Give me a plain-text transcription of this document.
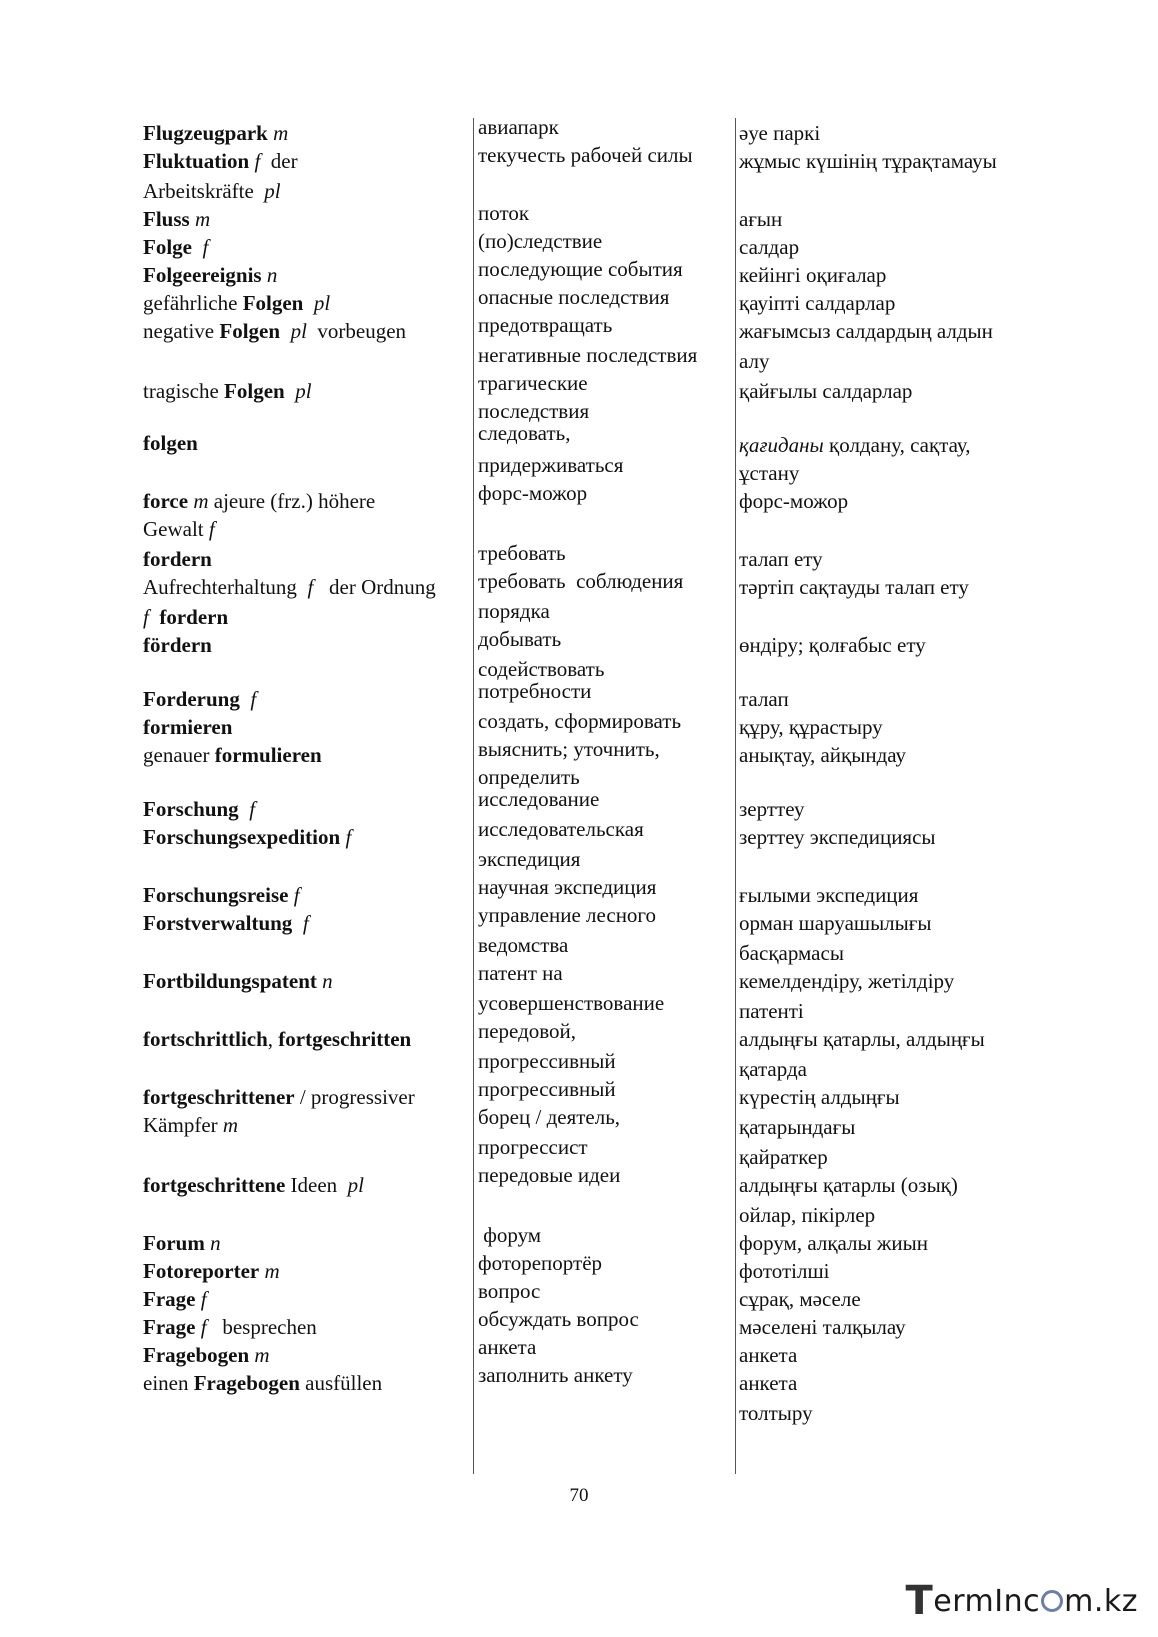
Flugzeugpark m
Fluktuation f  der
Arbeitskräfte  pl
Fluss m
Folge f
Folgeereignis n
gefährliche Folgen pl
negative Folgen pl  vorbeugen
tragische Folgen pl
folgen
force m ajeure (frz.) höhere
Gewalt f
fordern
Aufrechterhaltung  f   der Ordnung
f fordern
fördern
Forderung f
formieren
genauer formulieren
Forschung f
Forschungsexpedition f
Forschungsreise f
Forstverwaltung f
Fortbildungspatent n
fortschrittlich, fortgeschritten
fortgeschrittener / progressiver
Kämpfer m
fortgeschrittene Ideen  pl
Forum n
Fotoreporter m
Frage f
Frage f   besprechen
Fragebogen m
einen Fragebogen ausfüllen
авиапарк
текучесть рабочей силы
поток
(по)следствие
последующие события
опасные последствия
предотвращать
негативные последствия
трагические
последствия
следовать,
придерживаться
форс-можор
требовать
требовать  соблюдения
порядка
добывать
содействовать
потребности
создать, сформировать
выяснить; уточнить,
определить
исследование
исследовательская
экспедиция
научная экспедиция
управление лесного
ведомства
патент на
усовершенствование
передовой,
прогрессивный
прогрессивный
борец / деятель,
прогрессист
передовые идеи
форум
фоторепортёр
вопрос
обсуждать вопрос
анкета
заполнить анкету
әуе паркі
жұмыс күшінің тұрақтамауы
ағын
салдар
кейінгі оқиғалар
қауіпті салдарлар
жағымсыз салдардың алдын
алу
қайғылы салдарлар
қағиданы қолдану, сақтау,
ұстану
форс-можор
талап ету
тәртіп сақтауды талап ету
өндіру; қолғабыс ету
талап
құру, құрастыру
анықтау, айқындау
зерттеу
зерттеу экспедициясы
ғылыми экспедиция
орман шаруашылығы
басқармасы
кемелдендіру, жетілдіру
патенті
алдыңғы қатарлы, алдыңғы
қатарда
күрестің алдыңғы
қатарындағы
қайраткер
алдыңғы қатарлы (озық)
ойлар, пікірлер
форум, алқалы жиын
фототілші
сұрақ, мәселе
мәселені талқылау
анкета
анкета
толтыру
70
TermInc m.kz
